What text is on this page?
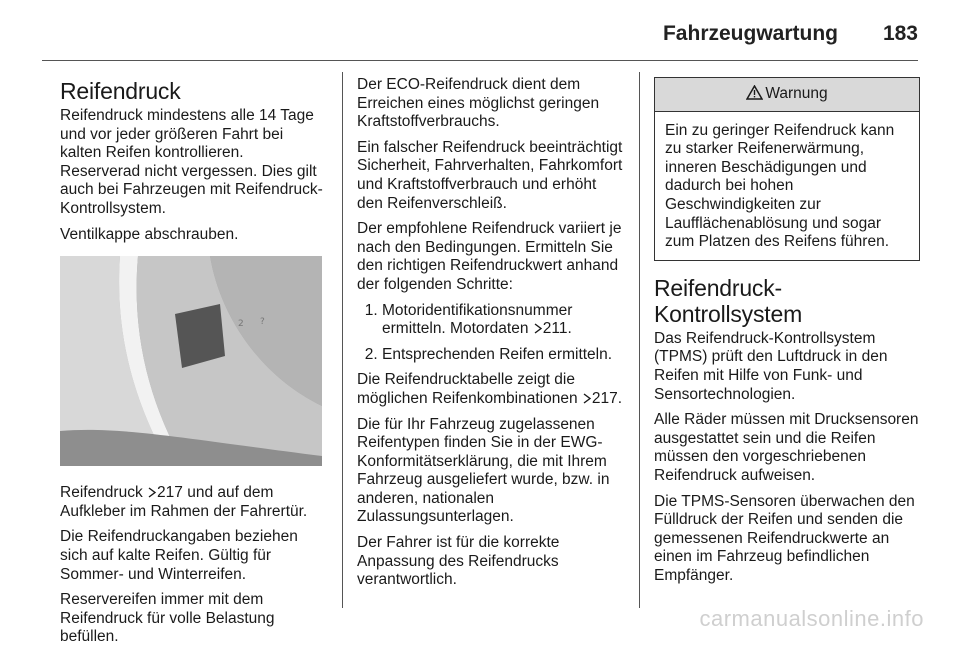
Fahrzeugwartung 183
Reifendruck

Reifendruck mindestens alle 14 Tage und vor jeder größeren Fahrt bei kalten Reifen kontrollieren. Reserverad nicht vergessen. Dies gilt auch bei Fahrzeugen mit Reifendruck-Kontrollsystem.

Ventilkappe abschrauben.

2 ?

Reifendruck 217 und auf dem Aufkleber im Rahmen der Fahrertür.

Die Reifendruckangaben beziehen sich auf kalte Reifen. Gültig für Sommer- und Winterreifen.

Reservereifen immer mit dem Reifendruck für volle Belastung befüllen.

Der ECO-Reifendruck dient dem Erreichen eines möglichst geringen Kraftstoffverbrauchs.

Ein falscher Reifendruck beeinträchtigt Sicherheit, Fahrverhalten, Fahrkomfort und Kraftstoffverbrauch und erhöht den Reifenverschleiß.

Der empfohlene Reifendruck variiert je nach den Bedingungen. Ermitteln Sie den richtigen Reifendruckwert anhand der folgenden Schritte:

1. Motoridentifikationsnummer ermitteln. Motordaten 211.
2. Entsprechenden Reifen ermitteln.

Die Reifendrucktabelle zeigt die möglichen Reifenkombinationen 217.

Die für Ihr Fahrzeug zugelassenen Reifentypen finden Sie in der EWG-Konformitätserklärung, die mit Ihrem Fahrzeug ausgeliefert wurde, bzw. in anderen, nationalen Zulassungsunterlagen.

Der Fahrer ist für die korrekte Anpassung des Reifendrucks verantwortlich.

Warnung
Ein zu geringer Reifendruck kann zu starker Reifenerwärmung, inneren Beschädigungen und dadurch bei hohen Geschwindigkeiten zur Laufflächenablösung und sogar zum Platzen des Reifens führen.
Reifendruck-Kontrollsystem

Das Reifendruck-Kontrollsystem (TPMS) prüft den Luftdruck in den Reifen mit Hilfe von Funk- und Sensortechnologien.

Alle Räder müssen mit Drucksensoren ausgestattet sein und die Reifen müssen den vorgeschriebenen Reifendruck aufweisen.

Die TPMS-Sensoren überwachen den Fülldruck der Reifen und senden die gemessenen Reifendruckwerte an einen im Fahrzeug befindlichen Empfänger.

carmanualsonline.info
